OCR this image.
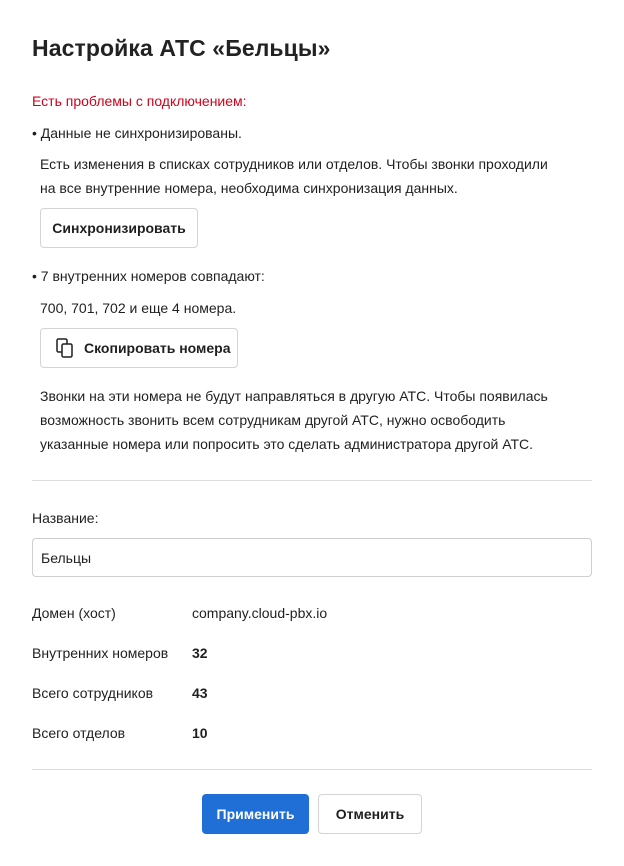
Настройка АТС «Бельцы»
Есть проблемы с подключением:
• Данные не синхронизированы.
Есть изменения в списках сотрудников или отделов. Чтобы звонки проходили
на все внутренние номера, необходима синхронизация данных.
Синхронизировать
• 7 внутренних номеров совпадают:
700, 701, 702 и еще 4 номера.
Скопировать номера
Звонки на эти номера не будут направляться в другую АТС. Чтобы появилась
возможность звонить всем сотрудникам другой АТС, нужно освободить
указанные номера или попросить это сделать администратора другой АТС.
Название:
Бельцы
Домен (хост)	company.cloud-pbx.io
Внутренних номеров 32
Всего сотрудников	43
Всего отделов	10
Применить	Отменить
